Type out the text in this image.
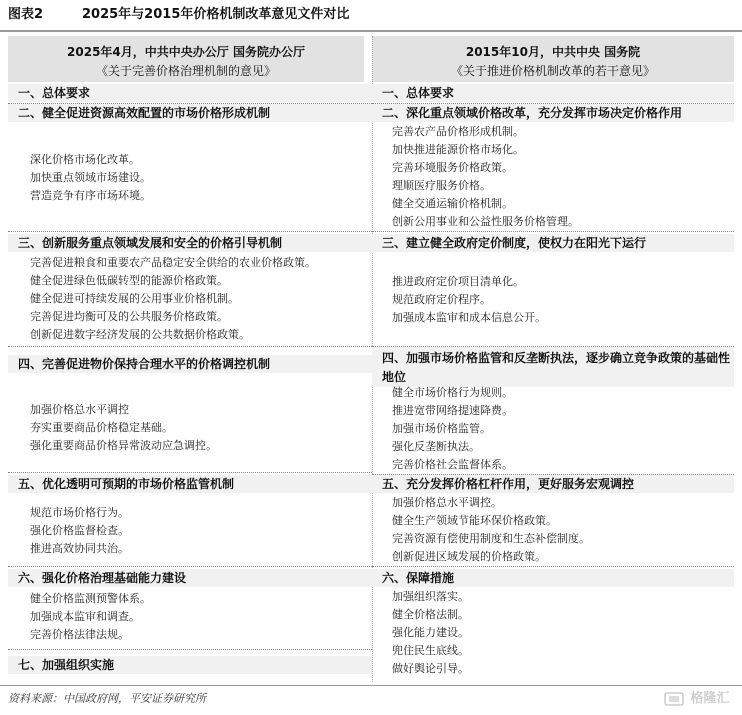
图表2	2025年与2015年价格机制改革意见文件对比
2025年4月，中共中央办公厅 国务院办公厅
《关于完善价格治理机制的意见》
2015年10月，中共中央 国务院
《关于推进价格机制改革的若干意见》
一、总体要求
二、健全促进资源高效配置的市场价格形成机制
深化价格市场化改革。
加快重点领域市场建设。
营造竞争有序市场环境。
三、创新服务重点领域发展和安全的价格引导机制
完善促进粮食和重要农产品稳定安全供给的农业价格政策。
健全促进绿色低碳转型的能源价格政策。
健全促进可持续发展的公用事业价格机制。
完善促进均衡可及的公共服务价格政策。
创新促进数字经济发展的公共数据价格政策。
四、完善促进物价保持合理水平的价格调控机制
加强价格总水平调控
夯实重要商品价格稳定基础。
强化重要商品价格异常波动应急调控。
五、优化透明可预期的市场价格监管机制
规范市场价格行为。
强化价格监督检查。
推进高效协同共治。
六、强化价格治理基础能力建设
健全价格监测预警体系。
加强成本监审和调查。
完善价格法律法规。
七、加强组织实施
一、总体要求
二、深化重点领域价格改革，充分发挥市场决定价格作用
完善农产品价格形成机制。
加快推进能源价格市场化。
完善环境服务价格政策。
理顺医疗服务价格。
健全交通运输价格机制。
创新公用事业和公益性服务价格管理。
三、建立健全政府定价制度，使权力在阳光下运行
推进政府定价项目清单化。
规范政府定价程序。
加强成本监审和成本信息公开。
四、加强市场价格监管和反垄断执法，逐步确立竞争政策的基础性地位
健全市场价格行为规则。
推进宽带网络提速降费。
加强市场价格监管。
强化反垄断执法。
完善价格社会监督体系。
五、充分发挥价格杠杆作用，更好服务宏观调控
加强价格总水平调控。
健全生产领域节能环保价格政策。
完善资源有偿使用制度和生态补偿制度。
创新促进区域发展的价格政策。
六、保障措施
加强组织落实。
健全价格法制。
强化能力建设。
兜住民生底线。
做好舆论引导。
资料来源：中国政府网，平安证券研究所	格隆汇
